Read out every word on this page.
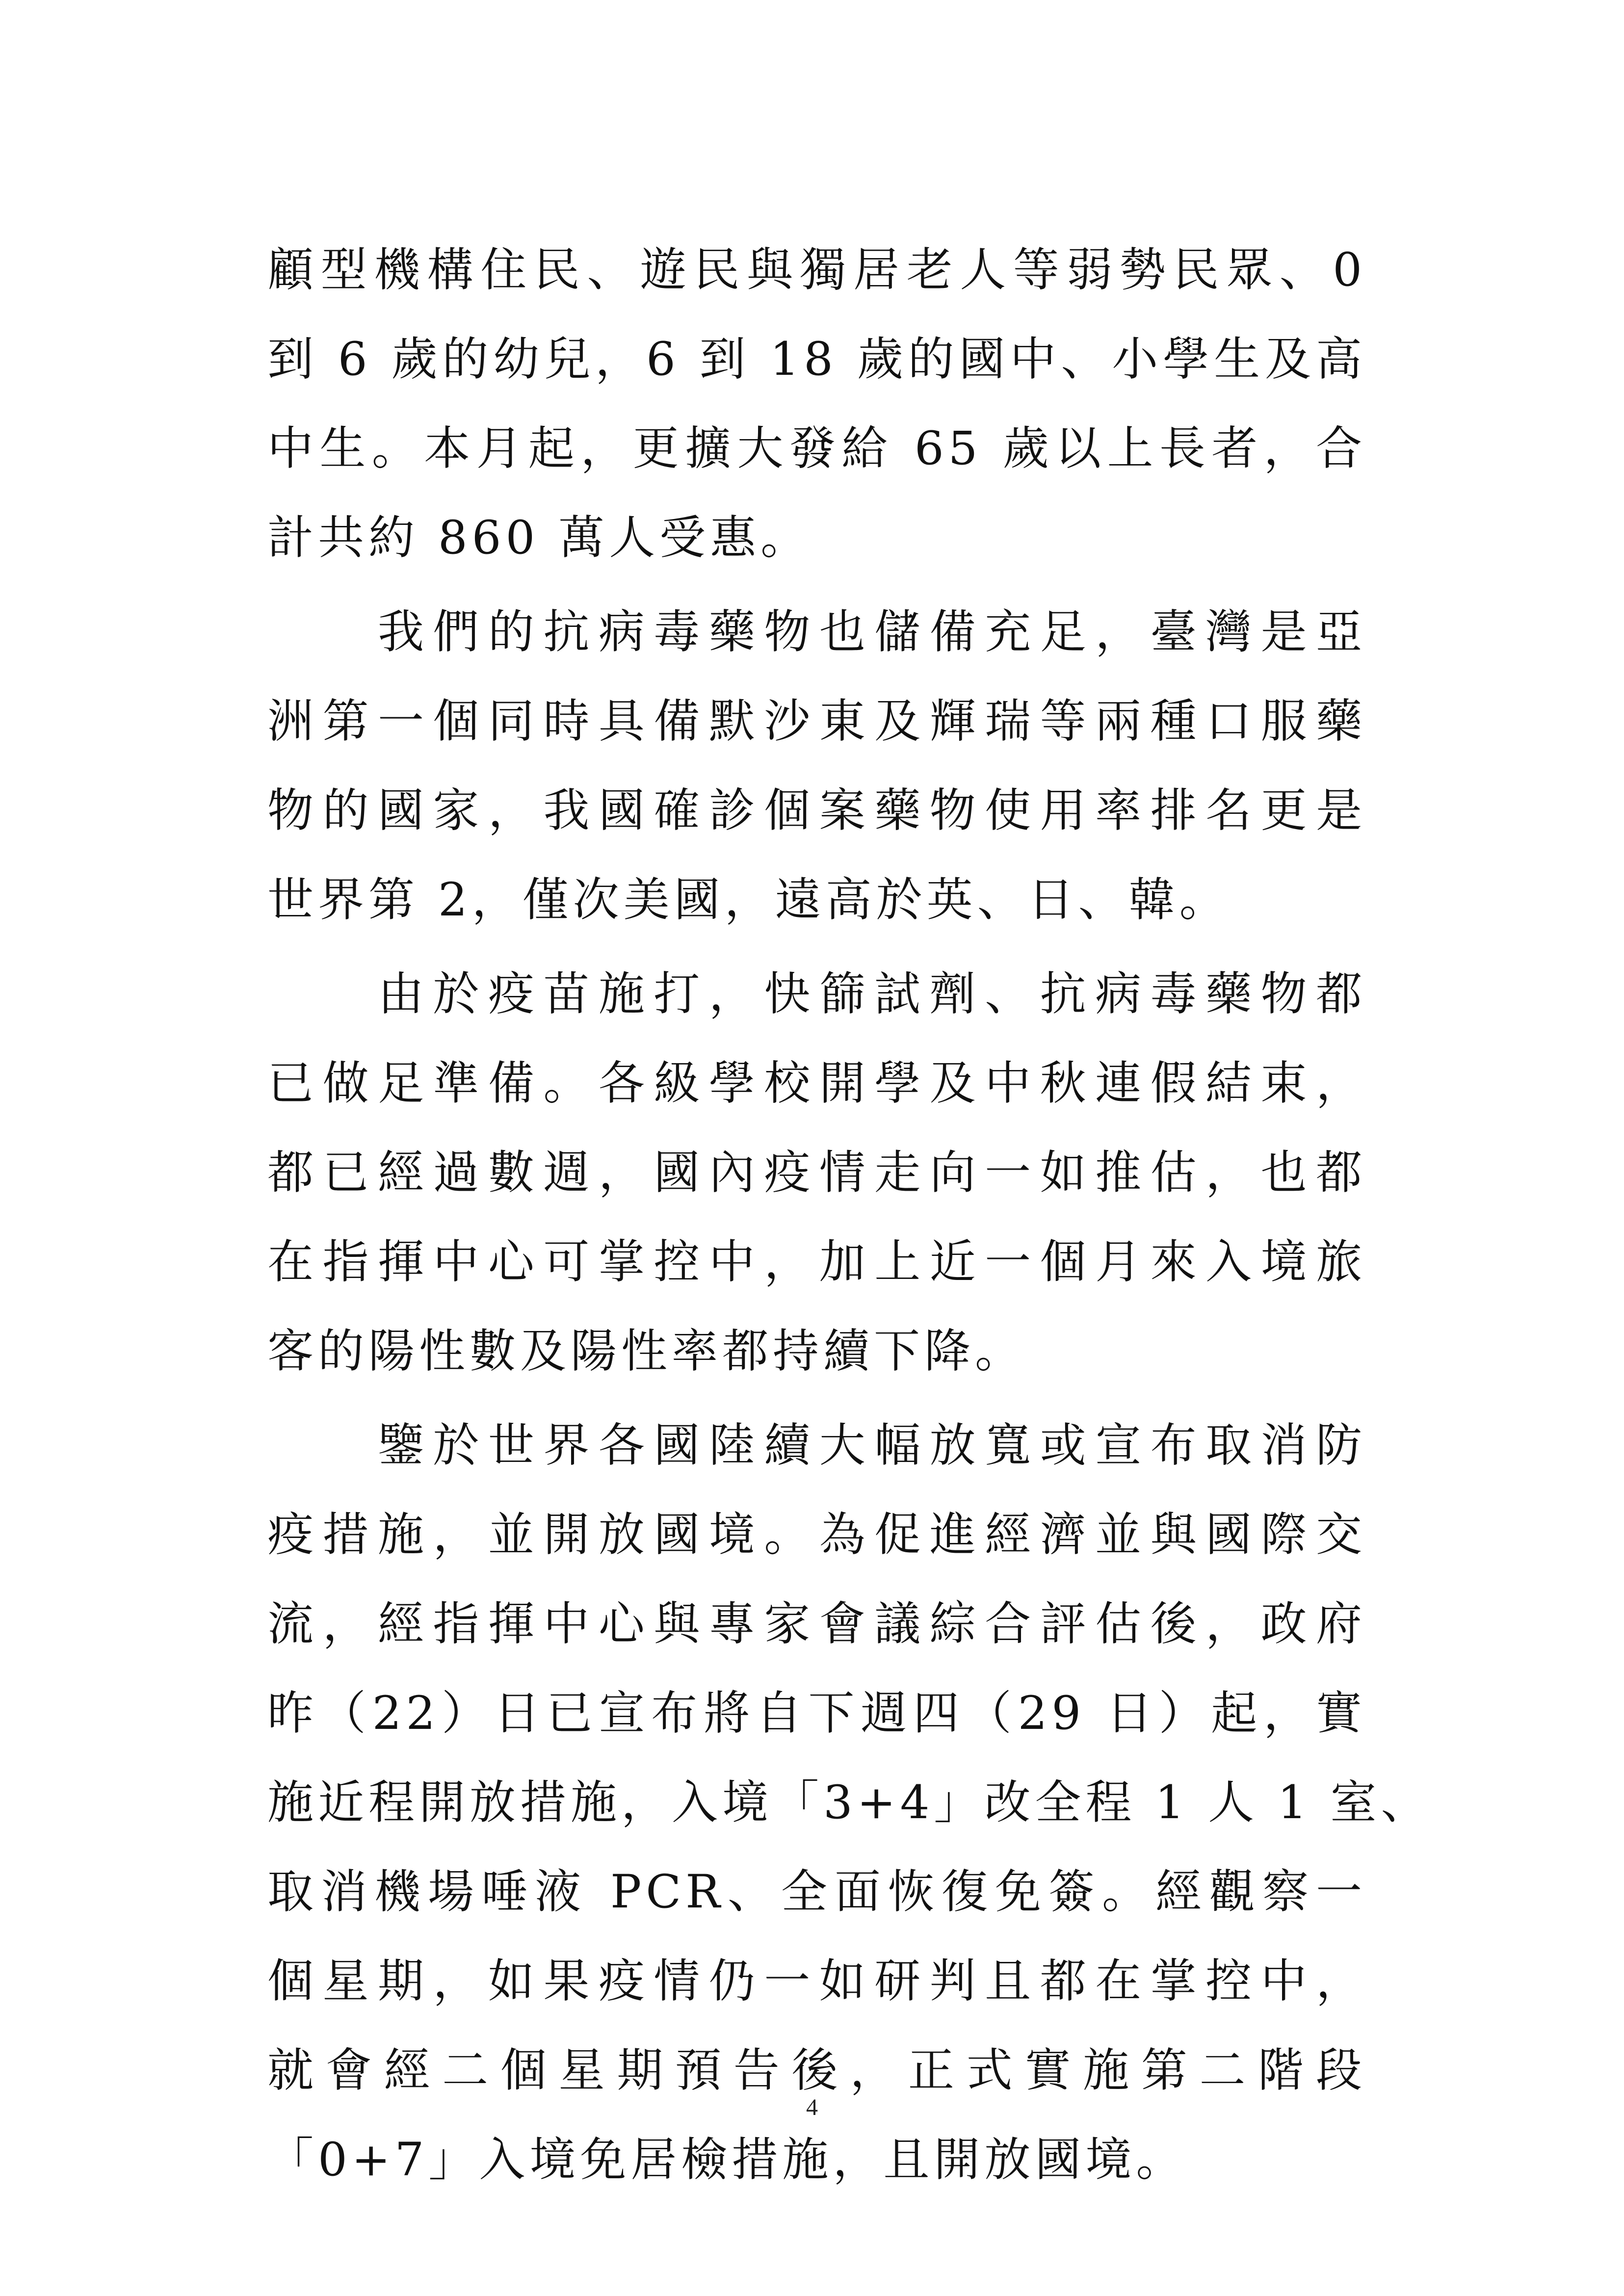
顧型機構住民、遊民與獨居老人等弱勢民眾、0
到 6 歲的幼兒，6 到 18 歲的國中、小學生及高
中生。本月起，更擴大發給 65 歲以上長者，合
計共約 860 萬人受惠。

　　我們的抗病毒藥物也儲備充足，臺灣是亞
洲第一個同時具備默沙東及輝瑞等兩種口服藥
物的國家，我國確診個案藥物使用率排名更是
世界第 2，僅次美國，遠高於英、日、韓。

　　由於疫苗施打，快篩試劑、抗病毒藥物都
已做足準備。各級學校開學及中秋連假結束，
都已經過數週，國內疫情走向一如推估，也都
在指揮中心可掌控中，加上近一個月來入境旅
客的陽性數及陽性率都持續下降。

　　鑒於世界各國陸續大幅放寬或宣布取消防
疫措施，並開放國境。為促進經濟並與國際交
流，經指揮中心與專家會議綜合評估後，政府
昨（22）日已宣布將自下週四（29 日）起，實
施近程開放措施，入境「3+4」改全程 1 人 1 室、
取消機場唾液 PCR、全面恢復免簽。經觀察一
個星期，如果疫情仍一如研判且都在掌控中，
就會經二個星期預告後，正式實施第二階段
「0+7」入境免居檢措施，且開放國境。

4
